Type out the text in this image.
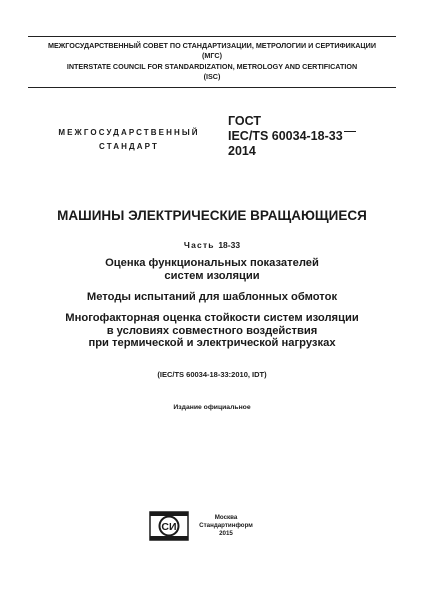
МЕЖГОСУДАРСТВЕННЫЙ СОВЕТ ПО СТАНДАРТИЗАЦИИ, МЕТРОЛОГИИ И СЕРТИФИКАЦИИ
(МГС)
INTERSTATE COUNCIL FOR STANDARDIZATION, METROLOGY AND CERTIFICATION
(ISC)
МЕЖГОСУДАРСТВЕННЫЙ
СТАНДАРТ
ГОСТ
IEC/TS 60034-18-33
2014
МАШИНЫ ЭЛЕКТРИЧЕСКИЕ ВРАЩАЮЩИЕСЯ
Часть 18-33
Оценка функциональных показателей
систем изоляции
Методы испытаний для шаблонных обмоток
Многофакторная оценка стойкости систем изоляции
в условиях совместного воздействия
при термической и электрической нагрузках
(IEC/TS 60034-18-33:2010, IDT)
Издание официальное
СИ
Москва
Стандартинформ
2015
